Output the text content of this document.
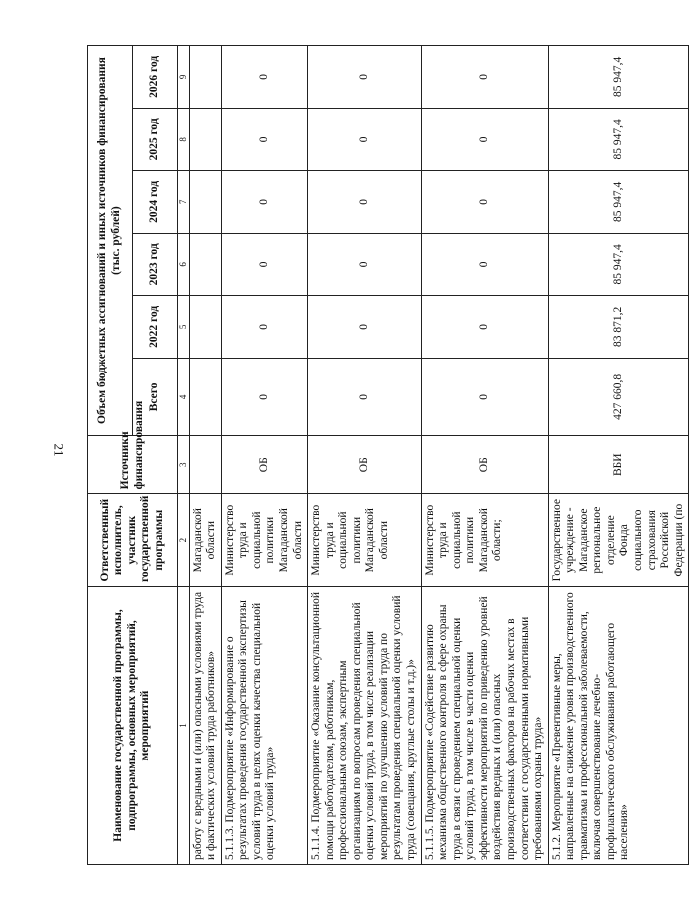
21
Наименование государственной программы, подпрограммы, основных мероприятий, мероприятий	Ответственный исполнитель, участник государственной программы	Источники финансирования	Объем бюджетных ассигнований и иных источников финансирования (тыс. рублей)					
			Всего	2022 год	2023 год	2024 год	2025 год	2026 год
1	2	3	4	5	6	7	8	9
работу с вредными и (или) опасными условиями труда и фактических условий труда работников»	Магаданской области							
5.1.1.3. Подмероприятие «Информирование о результатах проведения государственной экспертизы условий труда в целях оценки качества специальной оценки условий труда»	Министерство труда и социальной политики Магаданской области	ОБ	0	0	0	0	0	0
5.1.1.4. Подмероприятие «Оказание консультационной помощи работодателям, работникам, профессиональным союзам, экспертным организациям по вопросам проведения специальной оценки условий труда, в том числе реализации мероприятий по улучшению условий труда по результатам проведения специальной оценки условий труда (совещания, круглые столы и т.д.)»	Министерство труда и социальной политики Магаданской области	ОБ	0	0	0	0	0	0
5.1.1.5. Подмероприятие «Содействие развитию механизма общественного контроля в сфере охраны труда в связи с проведением специальной оценки условий труда, в том числе в части оценки эффективности мероприятий по приведению уровней воздействия вредных и (или) опасных производственных факторов на рабочих местах в соответствии с государственными нормативными требованиями охраны труда»	Министерство труда и социальной политики Магаданской области;	ОБ	0	0	0	0	0	0
5.1.2. Мероприятие «Превентивные меры, направленные на снижение уровня производственного травматизма и профессиональной заболеваемости, включая совершенствование лечебно-профилактического обслуживания работающего населения»	Государственное учреждение - Магаданское региональное отделение Фонда социального страхования Российской Федерации (по	ВБИ	427 660,8	83 871,2	85 947,4	85 947,4	85 947,4	85 947,4
